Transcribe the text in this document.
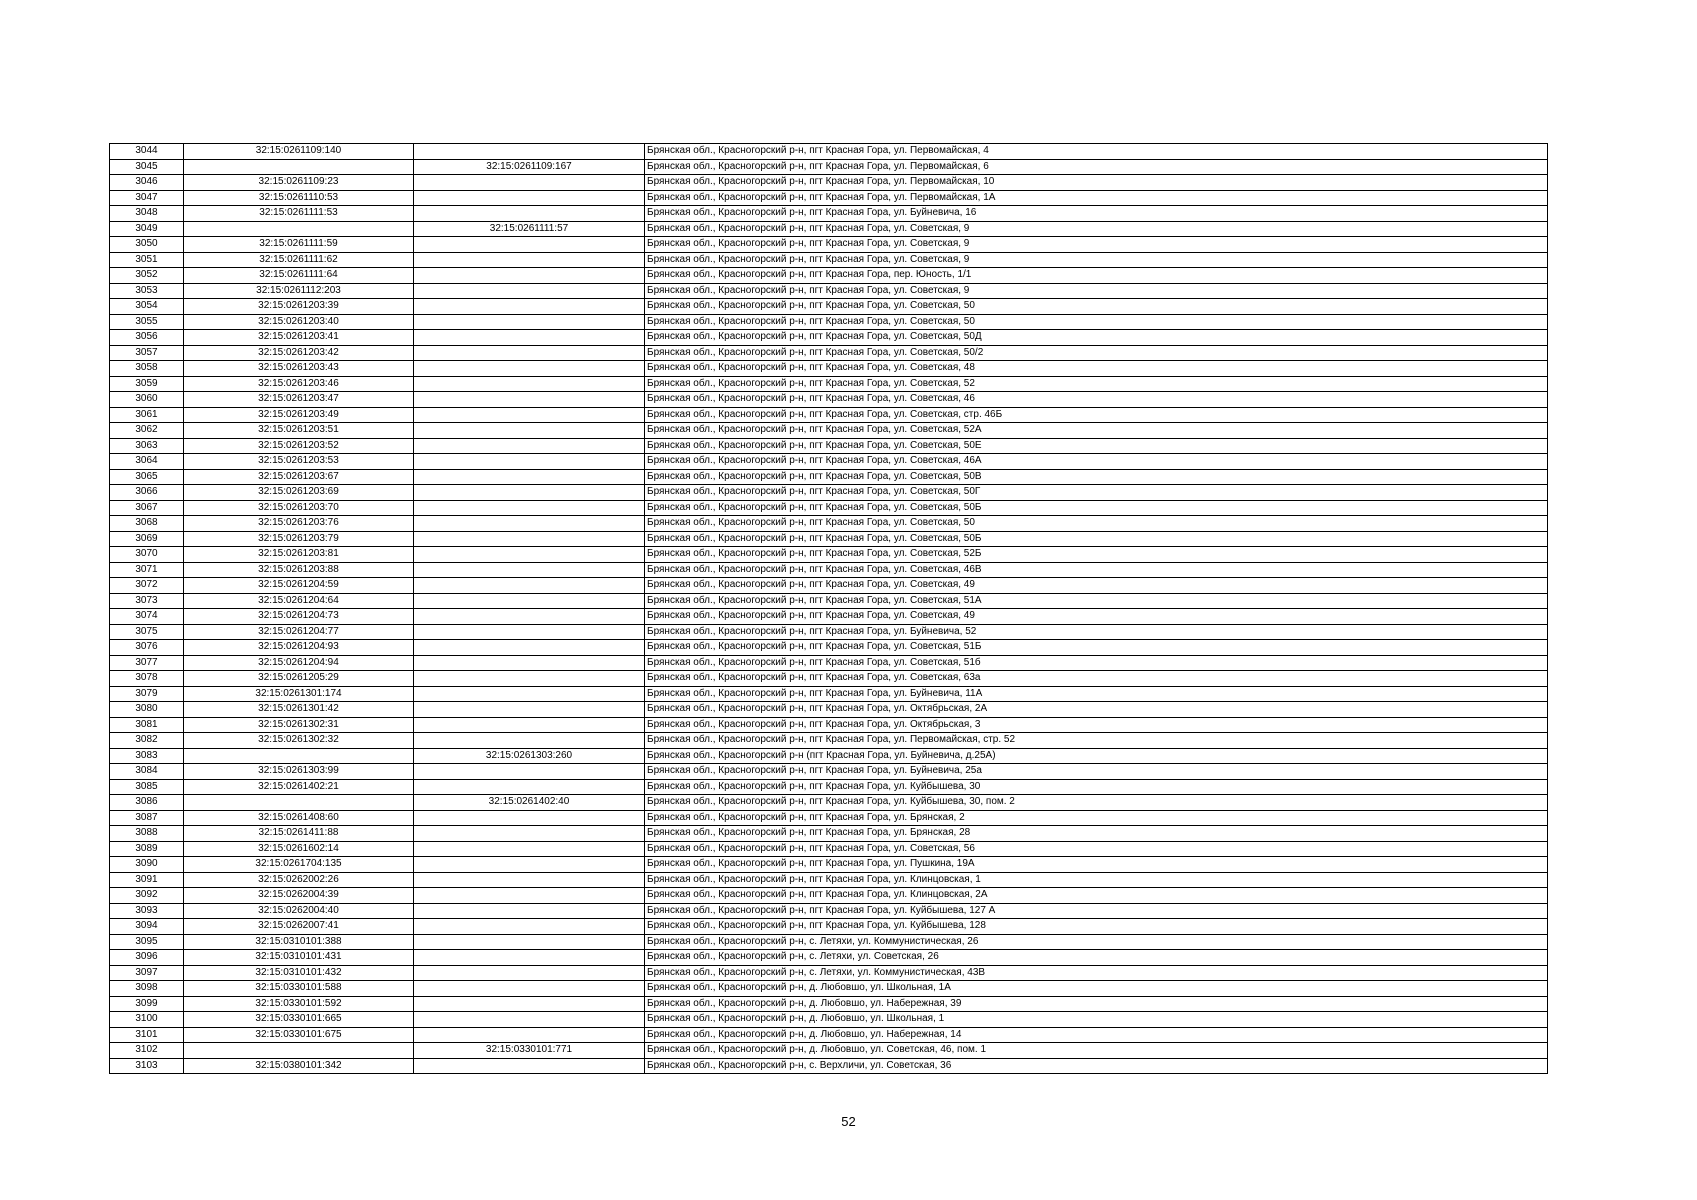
3044	32:15:0261109:140		Брянская обл., Красногорский р-н, пгт Красная Гора, ул. Первомайская, 4
3045		32:15:0261109:167	Брянская обл., Красногорский р-н, пгт Красная Гора, ул. Первомайская, 6
3046	32:15:0261109:23		Брянская обл., Красногорский р-н, пгт Красная Гора, ул. Первомайская, 10
3047	32:15:0261110:53		Брянская обл., Красногорский р-н, пгт Красная Гора, ул. Первомайская, 1А
3048	32:15:0261111:53		Брянская обл., Красногорский р-н, пгт Красная Гора, ул. Буйневича, 16
3049		32:15:0261111:57	Брянская обл., Красногорский р-н, пгт Красная Гора, ул. Советская, 9
3050	32:15:0261111:59		Брянская обл., Красногорский р-н, пгт Красная Гора, ул. Советская, 9
3051	32:15:0261111:62		Брянская обл., Красногорский р-н, пгт Красная Гора, ул. Советская, 9
3052	32:15:0261111:64		Брянская обл., Красногорский р-н, пгт Красная Гора, пер. Юность, 1/1
3053	32:15:0261112:203		Брянская обл., Красногорский р-н, пгт Красная Гора, ул. Советская, 9
3054	32:15:0261203:39		Брянская обл., Красногорский р-н, пгт Красная Гора, ул. Советская, 50
3055	32:15:0261203:40		Брянская обл., Красногорский р-н, пгт Красная Гора, ул. Советская, 50
3056	32:15:0261203:41		Брянская обл., Красногорский р-н, пгт Красная Гора, ул. Советская, 50Д
3057	32:15:0261203:42		Брянская обл., Красногорский р-н, пгт Красная Гора, ул. Советская, 50/2
3058	32:15:0261203:43		Брянская обл., Красногорский р-н, пгт Красная Гора, ул. Советская, 48
3059	32:15:0261203:46		Брянская обл., Красногорский р-н, пгт Красная Гора, ул. Советская, 52
3060	32:15:0261203:47		Брянская обл., Красногорский р-н, пгт Красная Гора, ул. Советская, 46
3061	32:15:0261203:49		Брянская обл., Красногорский р-н, пгт Красная Гора, ул. Советская, стр. 46Б
3062	32:15:0261203:51		Брянская обл., Красногорский р-н, пгт Красная Гора, ул. Советская, 52А
3063	32:15:0261203:52		Брянская обл., Красногорский р-н, пгт Красная Гора, ул. Советская, 50Е
3064	32:15:0261203:53		Брянская обл., Красногорский р-н, пгт Красная Гора, ул. Советская, 46А
3065	32:15:0261203:67		Брянская обл., Красногорский р-н, пгт Красная Гора, ул. Советская, 50В
3066	32:15:0261203:69		Брянская обл., Красногорский р-н, пгт Красная Гора, ул. Советская, 50Г
3067	32:15:0261203:70		Брянская обл., Красногорский р-н, пгт Красная Гора, ул. Советская, 50Б
3068	32:15:0261203:76		Брянская обл., Красногорский р-н, пгт Красная Гора, ул. Советская, 50
3069	32:15:0261203:79		Брянская обл., Красногорский р-н, пгт Красная Гора, ул. Советская, 50Б
3070	32:15:0261203:81		Брянская обл., Красногорский р-н, пгт Красная Гора, ул. Советская, 52Б
3071	32:15:0261203:88		Брянская обл., Красногорский р-н, пгт Красная Гора, ул. Советская, 46В
3072	32:15:0261204:59		Брянская обл., Красногорский р-н, пгт Красная Гора, ул. Советская, 49
3073	32:15:0261204:64		Брянская обл., Красногорский р-н, пгт Красная Гора, ул. Советская, 51А
3074	32:15:0261204:73		Брянская обл., Красногорский р-н, пгт Красная Гора, ул. Советская, 49
3075	32:15:0261204:77		Брянская обл., Красногорский р-н, пгт Красная Гора, ул. Буйневича, 52
3076	32:15:0261204:93		Брянская обл., Красногорский р-н, пгт Красная Гора, ул. Советская, 51Б
3077	32:15:0261204:94		Брянская обл., Красногорский р-н, пгт Красная Гора, ул. Советская, 51б
3078	32:15:0261205:29		Брянская обл., Красногорский р-н, пгт Красная Гора, ул. Советская, 63а
3079	32:15:0261301:174		Брянская обл., Красногорский р-н, пгт Красная Гора, ул. Буйневича, 11А
3080	32:15:0261301:42		Брянская обл., Красногорский р-н, пгт Красная Гора, ул. Октябрьская, 2А
3081	32:15:0261302:31		Брянская обл., Красногорский р-н, пгт Красная Гора, ул. Октябрьская, 3
3082	32:15:0261302:32		Брянская обл., Красногорский р-н, пгт Красная Гора, ул. Первомайская, стр. 52
3083		32:15:0261303:260	Брянская обл., Красногорский р-н (пгт Красная Гора, ул. Буйневича, д.25А)
3084	32:15:0261303:99		Брянская обл., Красногорский р-н, пгт Красная Гора, ул. Буйневича, 25а
3085	32:15:0261402:21		Брянская обл., Красногорский р-н, пгт Красная Гора, ул. Куйбышева, 30
3086		32:15:0261402:40	Брянская обл., Красногорский р-н, пгт Красная Гора, ул. Куйбышева, 30, пом. 2
3087	32:15:0261408:60		Брянская обл., Красногорский р-н, пгт Красная Гора, ул. Брянская, 2
3088	32:15:0261411:88		Брянская обл., Красногорский р-н, пгт Красная Гора, ул. Брянская, 28
3089	32:15:0261602:14		Брянская обл., Красногорский р-н, пгт Красная Гора, ул. Советская, 56
3090	32:15:0261704:135		Брянская обл., Красногорский р-н, пгт Красная Гора, ул. Пушкина, 19А
3091	32:15:0262002:26		Брянская обл., Красногорский р-н, пгт Красная Гора, ул. Клинцовская, 1
3092	32:15:0262004:39		Брянская обл., Красногорский р-н, пгт Красная Гора, ул. Клинцовская, 2А
3093	32:15:0262004:40		Брянская обл., Красногорский р-н, пгт Красная Гора, ул. Куйбышева, 127 А
3094	32:15:0262007:41		Брянская обл., Красногорский р-н, пгт Красная Гора, ул. Куйбышева, 128
3095	32:15:0310101:388		Брянская обл., Красногорский р-н, с. Летяхи, ул. Коммунистическая, 26
3096	32:15:0310101:431		Брянская обл., Красногорский р-н, с. Летяхи, ул. Советская, 26
3097	32:15:0310101:432		Брянская обл., Красногорский р-н, с. Летяхи, ул. Коммунистическая, 43В
3098	32:15:0330101:588		Брянская обл., Красногорский р-н, д. Любовшо, ул. Школьная, 1А
3099	32:15:0330101:592		Брянская обл., Красногорский р-н, д. Любовшо, ул. Набережная, 39
3100	32:15:0330101:665		Брянская обл., Красногорский р-н, д. Любовшо, ул. Школьная, 1
3101	32:15:0330101:675		Брянская обл., Красногорский р-н, д. Любовшо, ул. Набережная, 14
3102		32:15:0330101:771	Брянская обл., Красногорский р-н, д. Любовшо, ул. Советская, 46, пом. 1
3103	32:15:0380101:342		Брянская обл., Красногорский р-н, с. Верхличи, ул. Советская, 36
52
